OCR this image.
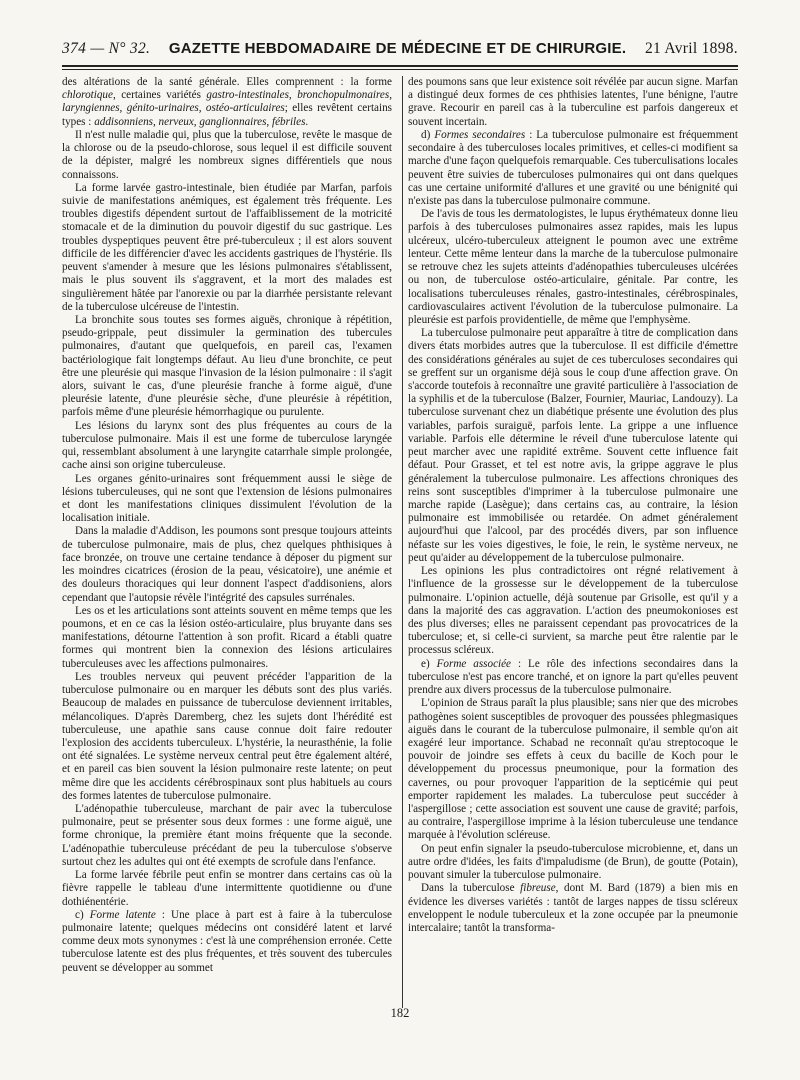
374 — N° 32. GAZETTE HEBDOMADAIRE DE MÉDECINE ET DE CHIRURGIE. 21 Avril 1898.

des altérations de la santé générale. Elles comprennent : la forme chlorotique, certaines variétés gastro-intestinales, bronchopulmonaires, laryngiennes, génito-urinaires, ostéo-articulaires; elles revêtent certains types : addisonniens, nerveux, ganglionnaires, fébriles.

Il n'est nulle maladie qui, plus que la tuberculose, revête le masque de la chlorose ou de la pseudo-chlorose, sous lequel il est difficile souvent de la dépister, malgré les nombreux signes différentiels que nous connaissons.

La forme larvée gastro-intestinale, bien étudiée par Marfan, parfois suivie de manifestations anémiques, est également très fréquente. Les troubles digestifs dépendent surtout de l'affaiblissement de la motricité stomacale et de la diminution du pouvoir digestif du suc gastrique. Les troubles dyspeptiques peuvent être pré-tuberculeux ; il est alors souvent difficile de les différencier d'avec les accidents gastriques de l'hystérie. Ils peuvent s'amender à mesure que les lésions pulmonaires s'établissent, mais le plus souvent ils s'aggravent, et la mort des malades est singulièrement hâtée par l'anorexie ou par la diarrhée persistante relevant de la tuberculose ulcéreuse de l'intestin.

La bronchite sous toutes ses formes aiguës, chronique à répétition, pseudo-grippale, peut dissimuler la germination des tubercules pulmonaires, d'autant que quelquefois, en pareil cas, l'examen bactériologique fait longtemps défaut. Au lieu d'une bronchite, ce peut être une pleurésie qui masque l'invasion de la lésion pulmonaire : il s'agit alors, suivant le cas, d'une pleurésie franche à forme aiguë, d'une pleurésie latente, d'une pleurésie sèche, d'une pleurésie à répétition, parfois même d'une pleurésie hémorrhagique ou purulente.

Les lésions du larynx sont des plus fréquentes au cours de la tuberculose pulmonaire. Mais il est une forme de tuberculose laryngée qui, ressemblant absolument à une laryngite catarrhale simple prolongée, cache ainsi son origine tuberculeuse.

Les organes génito-urinaires sont fréquemment aussi le siège de lésions tuberculeuses, qui ne sont que l'extension de lésions pulmonaires et dont les manifestations cliniques dissimulent l'évolution de la localisation initiale.

Dans la maladie d'Addison, les poumons sont presque toujours atteints de tuberculose pulmonaire, mais de plus, chez quelques phthisiques à face bronzée, on trouve une certaine tendance à déposer du pigment sur les moindres cicatrices (érosion de la peau, vésicatoire), une anémie et des douleurs thoraciques qui leur donnent l'aspect d'addisoniens, alors cependant que l'autopsie révèle l'intégrité des capsules surrénales.

Les os et les articulations sont atteints souvent en même temps que les poumons, et en ce cas la lésion ostéo-articulaire, plus bruyante dans ses manifestations, détourne l'attention à son profit. Ricard a établi quatre formes qui montrent bien la connexion des lésions articulaires tuberculeuses avec les affections pulmonaires.

Les troubles nerveux qui peuvent précéder l'apparition de la tuberculose pulmonaire ou en marquer les débuts sont des plus variés. Beaucoup de malades en puissance de tuberculose deviennent irritables, mélancoliques. D'après Daremberg, chez les sujets dont l'hérédité est tuberculeuse, une apathie sans cause connue doit faire redouter l'explosion des accidents tuberculeux. L'hystérie, la neurasthénie, la folie ont été signalées. Le système nerveux central peut être également altéré, et en pareil cas bien souvent la lésion pulmonaire reste latente; on peut même dire que les accidents cérébrospinaux sont plus habituels au cours des formes latentes de tuberculose pulmonaire.

L'adénopathie tuberculeuse, marchant de pair avec la tuberculose pulmonaire, peut se présenter sous deux formes : une forme aiguë, une forme chronique, la première étant moins fréquente que la seconde. L'adénopathie tuberculeuse précédant de peu la tuberculose s'observe surtout chez les adultes qui ont été exempts de scrofule dans l'enfance.

La forme larvée fébrile peut enfin se montrer dans certains cas où la fièvre rappelle le tableau d'une intermittente quotidienne ou d'une dothiénentérie.

c) Forme latente : Une place à part est à faire à la tuberculose pulmonaire latente; quelques médecins ont considéré latent et larvé comme deux mots synonymes : c'est là une compréhension erronée. Cette tuberculose latente est des plus fréquentes, et très souvent des tubercules peuvent se développer au sommet

des poumons sans que leur existence soit révélée par aucun signe. Marfan a distingué deux formes de ces phthisies latentes, l'une bénigne, l'autre grave. Recourir en pareil cas à la tuberculine est parfois dangereux et souvent incertain.

d) Formes secondaires : La tuberculose pulmonaire est fréquemment secondaire à des tuberculoses locales primitives, et celles-ci modifient sa marche d'une façon quelquefois remarquable. Ces tuberculisations locales peuvent être suivies de tuberculoses pulmonaires qui ont dans quelques cas une certaine uniformité d'allures et une gravité ou une bénignité qui n'existe pas dans la tuberculose pulmonaire commune.

De l'avis de tous les dermatologistes, le lupus érythémateux donne lieu parfois à des tuberculoses pulmonaires assez rapides, mais les lupus ulcéreux, ulcéro-tuberculeux atteignent le poumon avec une extrême lenteur. Cette même lenteur dans la marche de la tuberculose pulmonaire se retrouve chez les sujets atteints d'adénopathies tuberculeuses ulcérées ou non, de tuberculose ostéo-articulaire, génitale. Par contre, les localisations tuberculeuses rénales, gastro-intestinales, cérébrospinales, cardiovasculaires activent l'évolution de la tuberculose pulmonaire. La pleurésie est parfois providentielle, de même que l'emphysème.

La tuberculose pulmonaire peut apparaître à titre de complication dans divers états morbides autres que la tuberculose. Il est difficile d'émettre des considérations générales au sujet de ces tuberculoses secondaires qui se greffent sur un organisme déjà sous le coup d'une affection grave. On s'accorde toutefois à reconnaître une gravité particulière à l'association de la syphilis et de la tuberculose (Balzer, Fournier, Mauriac, Landouzy). La tuberculose survenant chez un diabétique présente une évolution des plus variables, parfois suraiguë, parfois lente. La grippe a une influence variable. Parfois elle détermine le réveil d'une tuberculose latente qui peut marcher avec une rapidité extrême. Souvent cette influence fait défaut. Pour Grasset, et tel est notre avis, la grippe aggrave le plus généralement la tuberculose pulmonaire. Les affections chroniques des reins sont susceptibles d'imprimer à la tuberculose pulmonaire une marche rapide (Lasègue); dans certains cas, au contraire, la lésion pulmonaire est immobilisée ou retardée. On admet généralement aujourd'hui que l'alcool, par des procédés divers, par son influence néfaste sur les voies digestives, le foie, le rein, le système nerveux, ne peut qu'aider au développement de la tuberculose pulmonaire.

Les opinions les plus contradictoires ont régné relativement à l'influence de la grossesse sur le développement de la tuberculose pulmonaire. L'opinion actuelle, déjà soutenue par Grisolle, est qu'il y a dans la majorité des cas aggravation. L'action des pneumokonioses est des plus diverses; elles ne paraissent cependant pas provocatrices de la tuberculose; et, si celle-ci survient, sa marche peut être ralentie par le processus scléreux.

e) Forme associée : Le rôle des infections secondaires dans la tuberculose n'est pas encore tranché, et on ignore la part qu'elles peuvent prendre aux divers processus de la tuberculose pulmonaire.

L'opinion de Straus paraît la plus plausible; sans nier que des microbes pathogènes soient susceptibles de provoquer des poussées phlegmasiques aiguës dans le courant de la tuberculose pulmonaire, il semble qu'on ait exagéré leur importance. Schabad ne reconnaît qu'au streptocoque le pouvoir de joindre ses effets à ceux du bacille de Koch pour le développement du processus pneumonique, pour la formation des cavernes, ou pour provoquer l'apparition de la septicémie qui peut emporter rapidement les malades. La tuberculose peut succéder à l'aspergillose ; cette association est souvent une cause de gravité; parfois, au contraire, l'aspergillose imprime à la lésion tuberculeuse une tendance marquée à l'évolution scléreuse.

On peut enfin signaler la pseudo-tuberculose microbienne, et, dans un autre ordre d'idées, les faits d'impaludisme (de Brun), de goutte (Potain), pouvant simuler la tuberculose pulmonaire.

Dans la tuberculose fibreuse, dont M. Bard (1879) a bien mis en évidence les diverses variétés : tantôt de larges nappes de tissu scléreux enveloppent le nodule tuberculeux et la zone occupée par la pneumonie intercalaire; tantôt la transforma-

182
